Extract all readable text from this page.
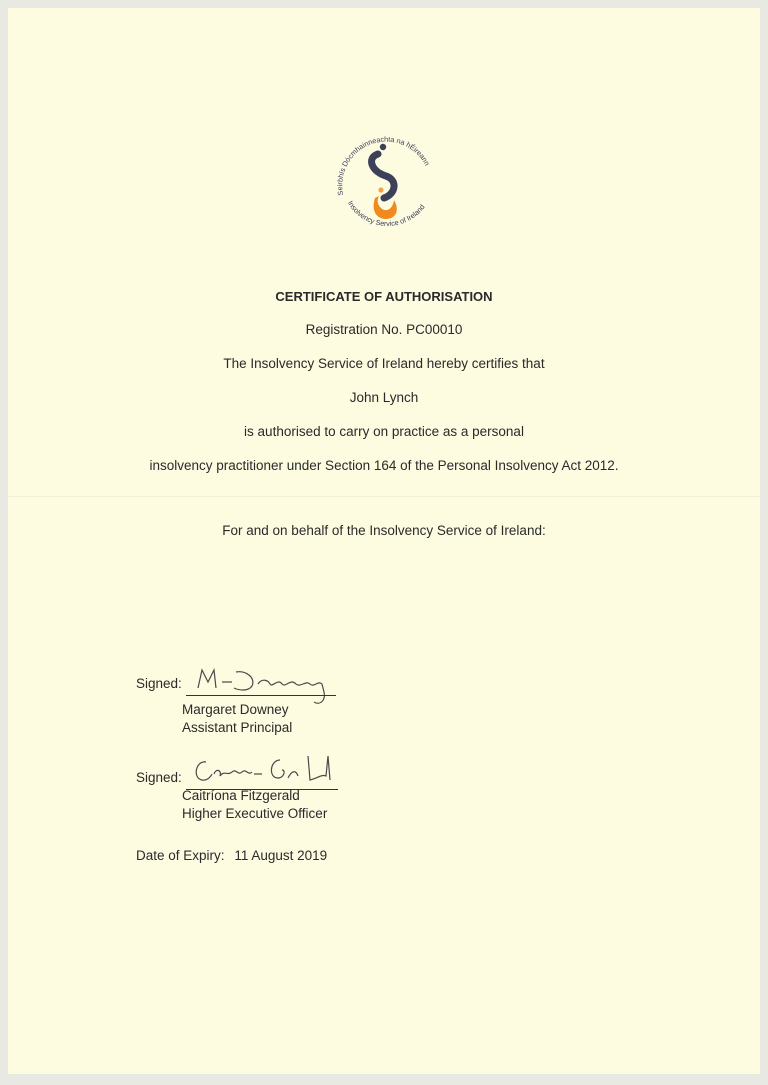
Seirbhís Dócmhainneachta na hÉireann
Insolvency Service of Ireland
CERTIFICATE OF AUTHORISATION
Registration No. PC00010
The Insolvency Service of Ireland hereby certifies that
John Lynch
is authorised to carry on practice as a personal
insolvency practitioner under Section 164 of the Personal Insolvency Act 2012.
For and on behalf of the Insolvency Service of Ireland:
Signed:
Margaret Downey
Assistant Principal
Signed:
Caitríona Fitzgerald
Higher Executive Officer
Date of Expiry: 11 August 2019
